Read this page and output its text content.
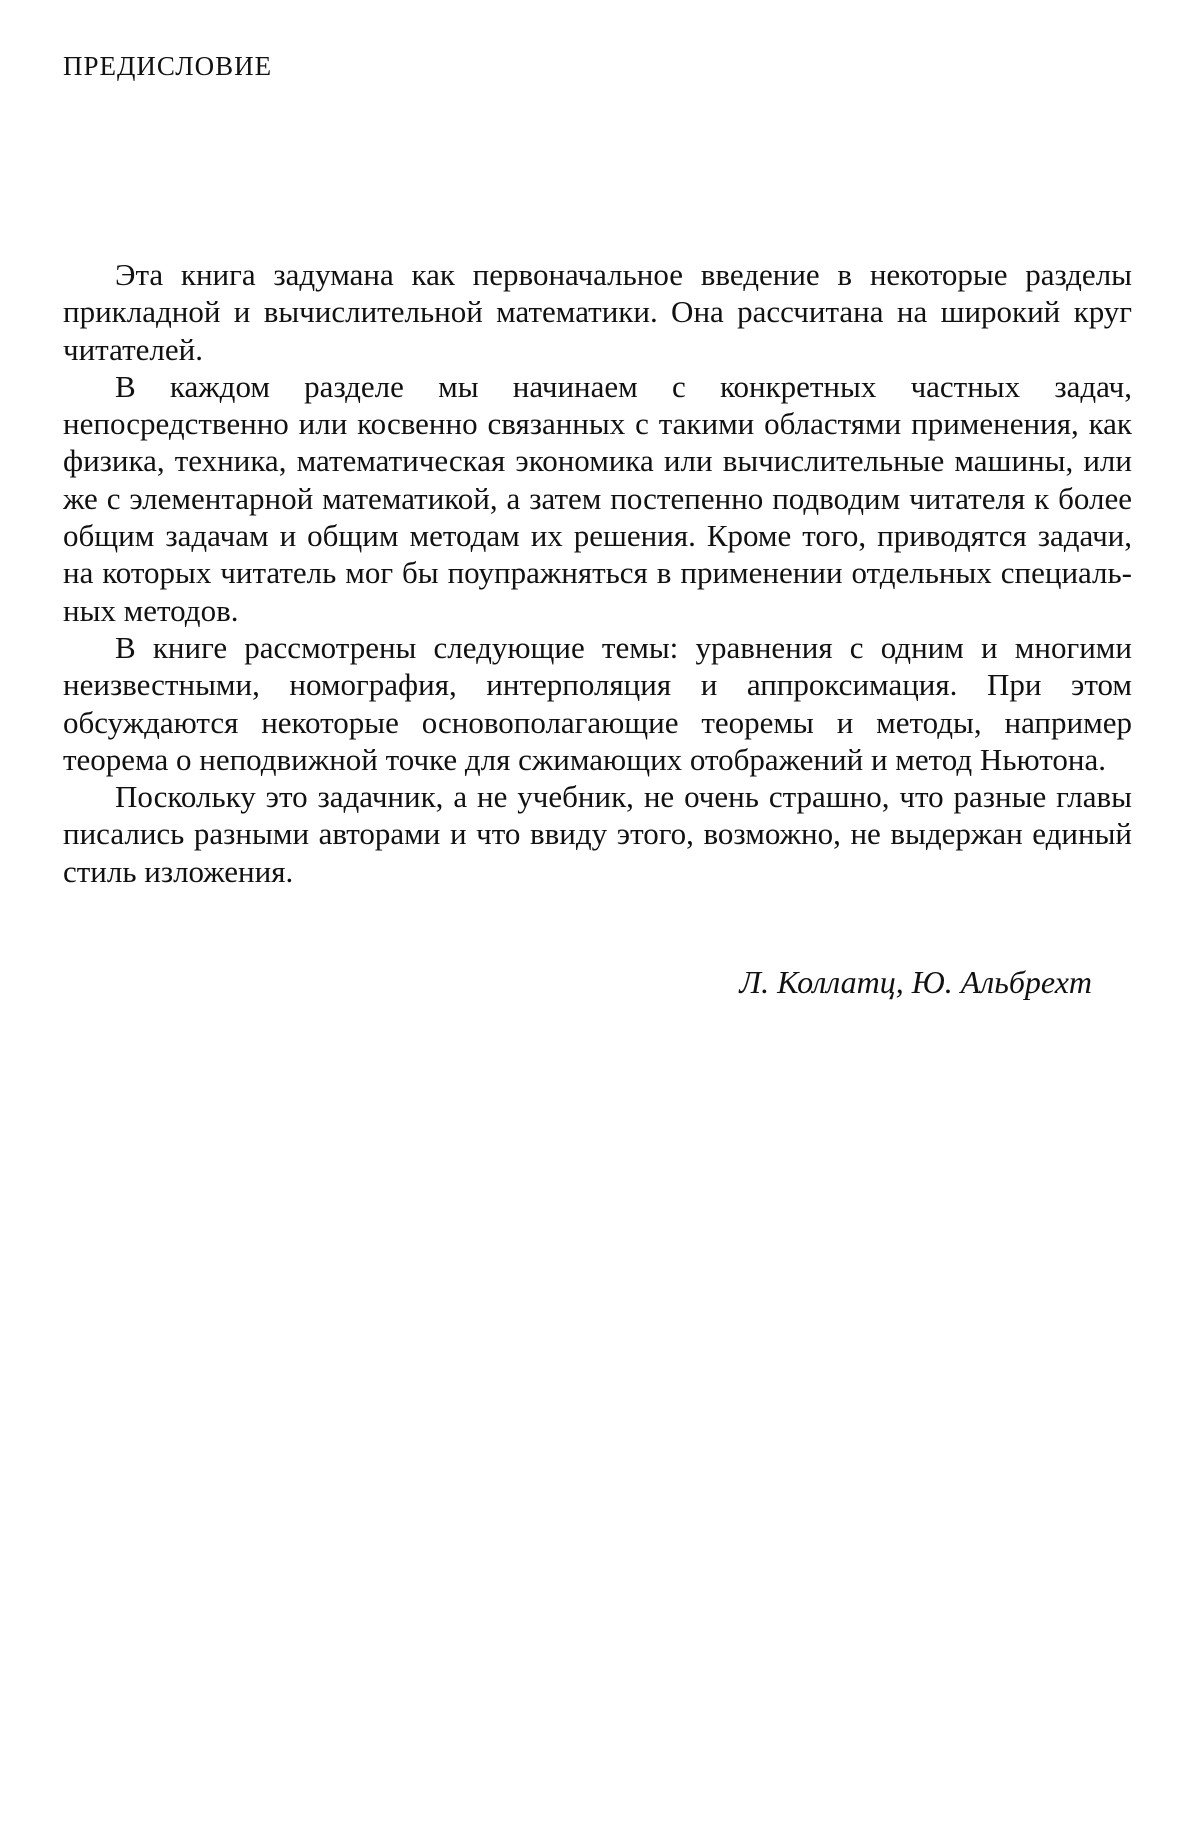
ПРЕДИСЛОВИЕ

Эта книга задумана как первоначальное введение в некоторые разделы прикладной и вычислительной математики. Она рассчитана на широкий круг читателей.

В каждом разделе мы начинаем с конкретных частных задач, непосредственно или косвенно связанных с такими областями применения, как физика, техника, математическая экономика или вычислительные машины, или же с элементарной математикой, а затем постепенно подводим читателя к более общим задачам и общим методам их решения. Кроме того, приводятся задачи, на которых читатель мог бы поупражняться в применении отдельных специальных методов.

В книге рассмотрены следующие темы: уравнения с одним и многими неизвестными, номография, интерполяция и аппроксимация. При этом обсуждаются некоторые основополагающие теоремы и методы, например теорема о неподвижной точке для сжимающих отображений и метод Ньютона.

Поскольку это задачник, а не учебник, не очень страшно, что разные главы писались разными авторами и что ввиду этого, возможно, не выдержан единый стиль изложения.

Л. Коллатц, Ю. Альбрехт
